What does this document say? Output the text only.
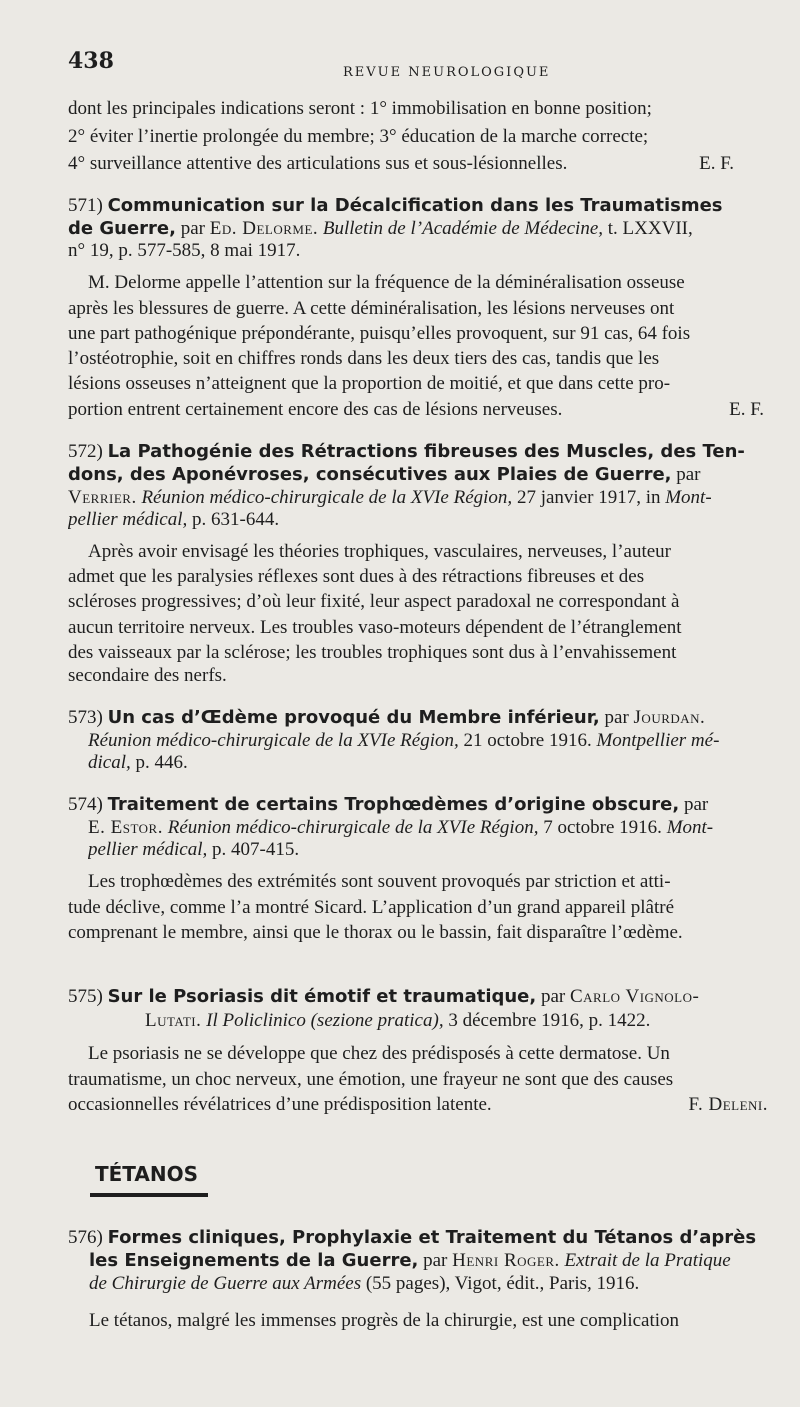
438	REVUE NEUROLOGIQUE
dont les principales indications seront : 1° immobilisation en bonne position;
2° éviter l’inertie prolongée du membre; 3° éducation de la marche correcte;
4° surveillance attentive des articulations sus et sous-lésionnelles.	E. F.
571) Communication sur la Décalcification dans les Traumatismes
de Guerre, par Ed. Delorme. Bulletin de l’Académie de Médecine, t. LXXVII,
n° 19, p. 577-585, 8 mai 1917.
M. Delorme appelle l’attention sur la fréquence de la déminéralisation osseuse
après les blessures de guerre. A cette déminéralisation, les lésions nerveuses ont
une part pathogénique prépondérante, puisqu’elles provoquent, sur 91 cas, 64 fois
l’ostéotrophie, soit en chiffres ronds dans les deux tiers des cas, tandis que les
lésions osseuses n’atteignent que la proportion de moitié, et que dans cette pro-
portion entrent certainement encore des cas de lésions nerveuses.	E. F.
572) La Pathogénie des Rétractions fibreuses des Muscles, des Ten-
dons, des Aponévroses, consécutives aux Plaies de Guerre, par
Verrier. Réunion médico-chirurgicale de la XVIe Région, 27 janvier 1917, in Mont-
pellier médical, p. 631-644.
Après avoir envisagé les théories trophiques, vasculaires, nerveuses, l’auteur
admet que les paralysies réflexes sont dues à des rétractions fibreuses et des
scléroses progressives; d’où leur fixité, leur aspect paradoxal ne correspondant à
aucun territoire nerveux. Les troubles vaso-moteurs dépendent de l’étranglement
des vaisseaux par la sclérose; les troubles trophiques sont dus à l’envahissement
secondaire des nerfs.
573) Un cas d’Œdème provoqué du Membre inférieur, par Jourdan.
Réunion médico-chirurgicale de la XVIe Région, 21 octobre 1916. Montpellier mé-
dical, p. 446.
574) Traitement de certains Trophœdèmes d’origine obscure, par
E. Estor. Réunion médico-chirurgicale de la XVIe Région, 7 octobre 1916. Mont-
pellier médical, p. 407-415.
Les trophœdèmes des extrémités sont souvent provoqués par striction et atti-
tude déclive, comme l’a montré Sicard. L’application d’un grand appareil plâtré
comprenant le membre, ainsi que le thorax ou le bassin, fait disparaître l’œdème.
575) Sur le Psoriasis dit émotif et traumatique, par Carlo Vignolo-
Lutati. Il Policlinico (sezione pratica), 3 décembre 1916, p. 1422.
Le psoriasis ne se développe que chez des prédisposés à cette dermatose. Un
traumatisme, un choc nerveux, une émotion, une frayeur ne sont que des causes
occasionnelles révélatrices d’une prédisposition latente.	F. Deleni.
TÉTANOS
576) Formes cliniques, Prophylaxie et Traitement du Tétanos d’après
les Enseignements de la Guerre, par Henri Roger. Extrait de la Pratique
de Chirurgie de Guerre aux Armées (55 pages), Vigot, édit., Paris, 1916.
Le tétanos, malgré les immenses progrès de la chirurgie, est une complication
